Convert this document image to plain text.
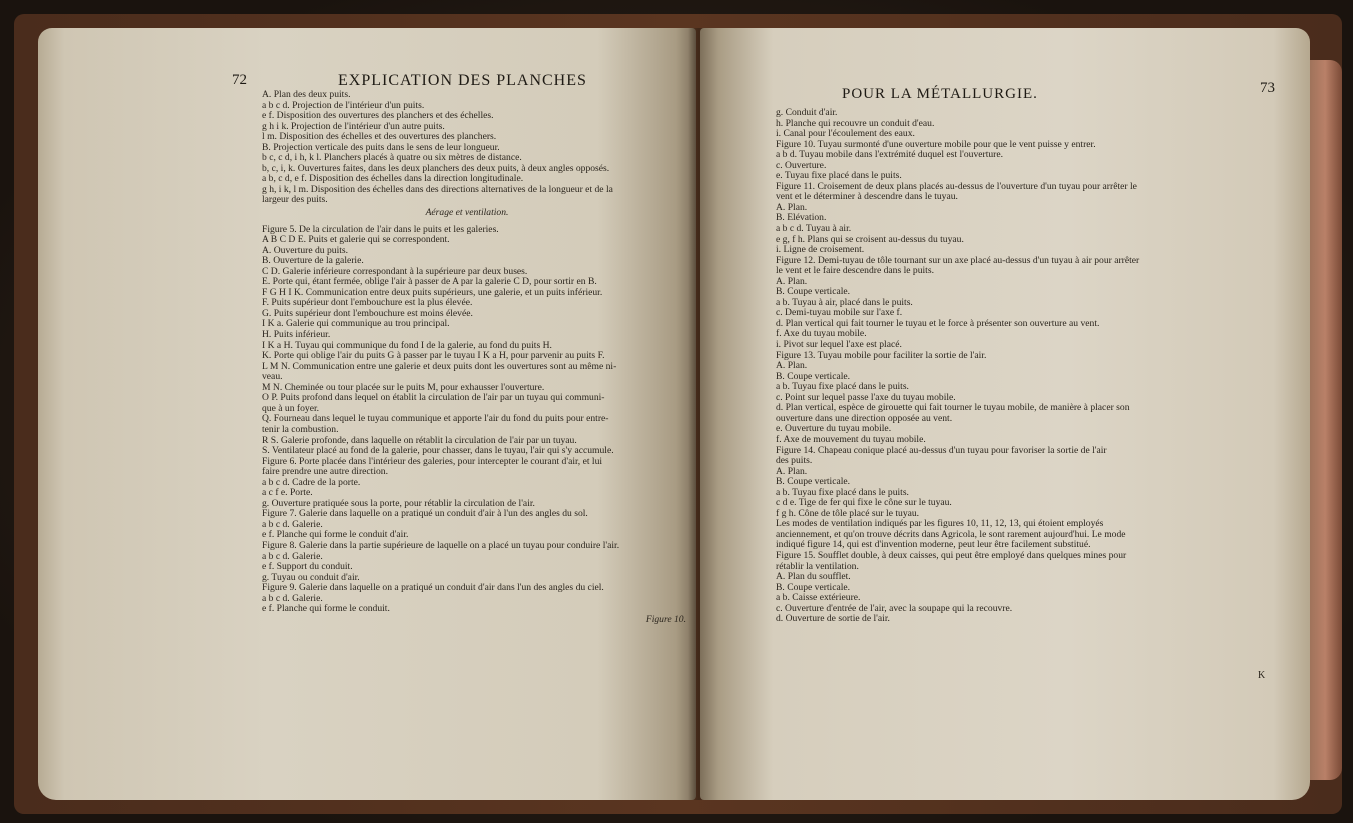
72	EXPLICATION DES PLANCHES
A. Plan des deux puits.
a b c d. Projection de l'intérieur d'un puits.
e f. Disposition des ouvertures des planchers et des échelles.
g h i k. Projection de l'intérieur d'un autre puits.
l m. Disposition des échelles et des ouvertures des planchers.
B. Projection verticale des puits dans le sens de leur longueur.
b c, c d, i h, k l. Planchers placés à quatre ou six mètres de distance.
b, c, i, k. Ouvertures faites, dans les deux planchers des deux puits, à deux angles opposés.
a b, c d, e f. Disposition des échelles dans la direction longitudinale.
g h, i k, l m. Disposition des échelles dans des directions alternatives de la longueur et de la
largeur des puits.
Aérage et ventilation.
Figure 5. De la circulation de l'air dans le puits et les galeries.
A B C D E. Puits et galerie qui se correspondent.
A. Ouverture du puits.
B. Ouverture de la galerie.
C D. Galerie inférieure correspondant à la supérieure par deux buses.
E. Porte qui, étant fermée, oblige l'air à passer de A par la galerie C D, pour sortir en B.
F G H I K. Communication entre deux puits supérieurs, une galerie, et un puits inférieur.
F. Puits supérieur dont l'embouchure est la plus élevée.
G. Puits supérieur dont l'embouchure est moins élevée.
I K a. Galerie qui communique au trou principal.
H. Puits inférieur.
I K a H. Tuyau qui communique du fond I de la galerie, au fond du puits H.
K. Porte qui oblige l'air du puits G à passer par le tuyau I K a H, pour parvenir au puits F.
L M N. Communication entre une galerie et deux puits dont les ouvertures sont au même ni-
veau.
M N. Cheminée ou tour placée sur le puits M, pour exhausser l'ouverture.
O P. Puits profond dans lequel on établit la circulation de l'air par un tuyau qui communi-
que à un foyer.
Q. Fourneau dans lequel le tuyau communique et apporte l'air du fond du puits pour entre-
tenir la combustion.
R S. Galerie profonde, dans laquelle on rétablit la circulation de l'air par un tuyau.
S. Ventilateur placé au fond de la galerie, pour chasser, dans le tuyau, l'air qui s'y accumule.
Figure 6. Porte placée dans l'intérieur des galeries, pour intercepter le courant d'air, et lui
faire prendre une autre direction.
a b c d. Cadre de la porte.
a c f e. Porte.
g. Ouverture pratiquée sous la porte, pour rétablir la circulation de l'air.
Figure 7. Galerie dans laquelle on a pratiqué un conduit d'air à l'un des angles du sol.
a b c d. Galerie.
e f. Planche qui forme le conduit d'air.
Figure 8. Galerie dans la partie supérieure de laquelle on a placé un tuyau pour conduire l'air.
a b c d. Galerie.
e f. Support du conduit.
g. Tuyau ou conduit d'air.
Figure 9. Galerie dans laquelle on a pratiqué un conduit d'air dans l'un des angles du ciel.
a b c d. Galerie.
e f. Planche qui forme le conduit.
Figure 10.
POUR LA MÉTALLURGIE.	73
g. Conduit d'air.
h. Planche qui recouvre un conduit d'eau.
i. Canal pour l'écoulement des eaux.
Figure 10. Tuyau surmonté d'une ouverture mobile pour que le vent puisse y entrer.
a b d. Tuyau mobile dans l'extrémité duquel est l'ouverture.
c. Ouverture.
e. Tuyau fixe placé dans le puits.
Figure 11. Croisement de deux plans placés au-dessus de l'ouverture d'un tuyau pour arrêter le
vent et le déterminer à descendre dans le tuyau.
A. Plan.
B. Élévation.
a b c d. Tuyau à air.
e g, f h. Plans qui se croisent au-dessus du tuyau.
i. Ligne de croisement.
Figure 12. Demi-tuyau de tôle tournant sur un axe placé au-dessus d'un tuyau à air pour arrêter
le vent et le faire descendre dans le puits.
A. Plan.
B. Coupe verticale.
a b. Tuyau à air, placé dans le puits.
c. Demi-tuyau mobile sur l'axe f.
d. Plan vertical qui fait tourner le tuyau et le force à présenter son ouverture au vent.
f. Axe du tuyau mobile.
i. Pivot sur lequel l'axe est placé.
Figure 13. Tuyau mobile pour faciliter la sortie de l'air.
A. Plan.
B. Coupe verticale.
a b. Tuyau fixe placé dans le puits.
c. Point sur lequel passe l'axe du tuyau mobile.
d. Plan vertical, espèce de girouette qui fait tourner le tuyau mobile, de manière à placer son
ouverture dans une direction opposée au vent.
e. Ouverture du tuyau mobile.
f. Axe de mouvement du tuyau mobile.
Figure 14. Chapeau conique placé au-dessus d'un tuyau pour favoriser la sortie de l'air
des puits.
A. Plan.
B. Coupe verticale.
a b. Tuyau fixe placé dans le puits.
c d e. Tige de fer qui fixe le cône sur le tuyau.
f g h. Cône de tôle placé sur le tuyau.
Les modes de ventilation indiqués par les figures 10, 11, 12, 13, qui étoient employés
anciennement, et qu'on trouve décrits dans Agricola, le sont rarement aujourd'hui. Le mode
indiqué figure 14, qui est d'invention moderne, peut leur être facilement substitué.
Figure 15. Soufflet double, à deux caisses, qui peut être employé dans quelques mines pour
rétablir la ventilation.
A. Plan du soufflet.
B. Coupe verticale.
a b. Caisse extérieure.
c. Ouverture d'entrée de l'air, avec la soupape qui la recouvre.
d. Ouverture de sortie de l'air.
K
